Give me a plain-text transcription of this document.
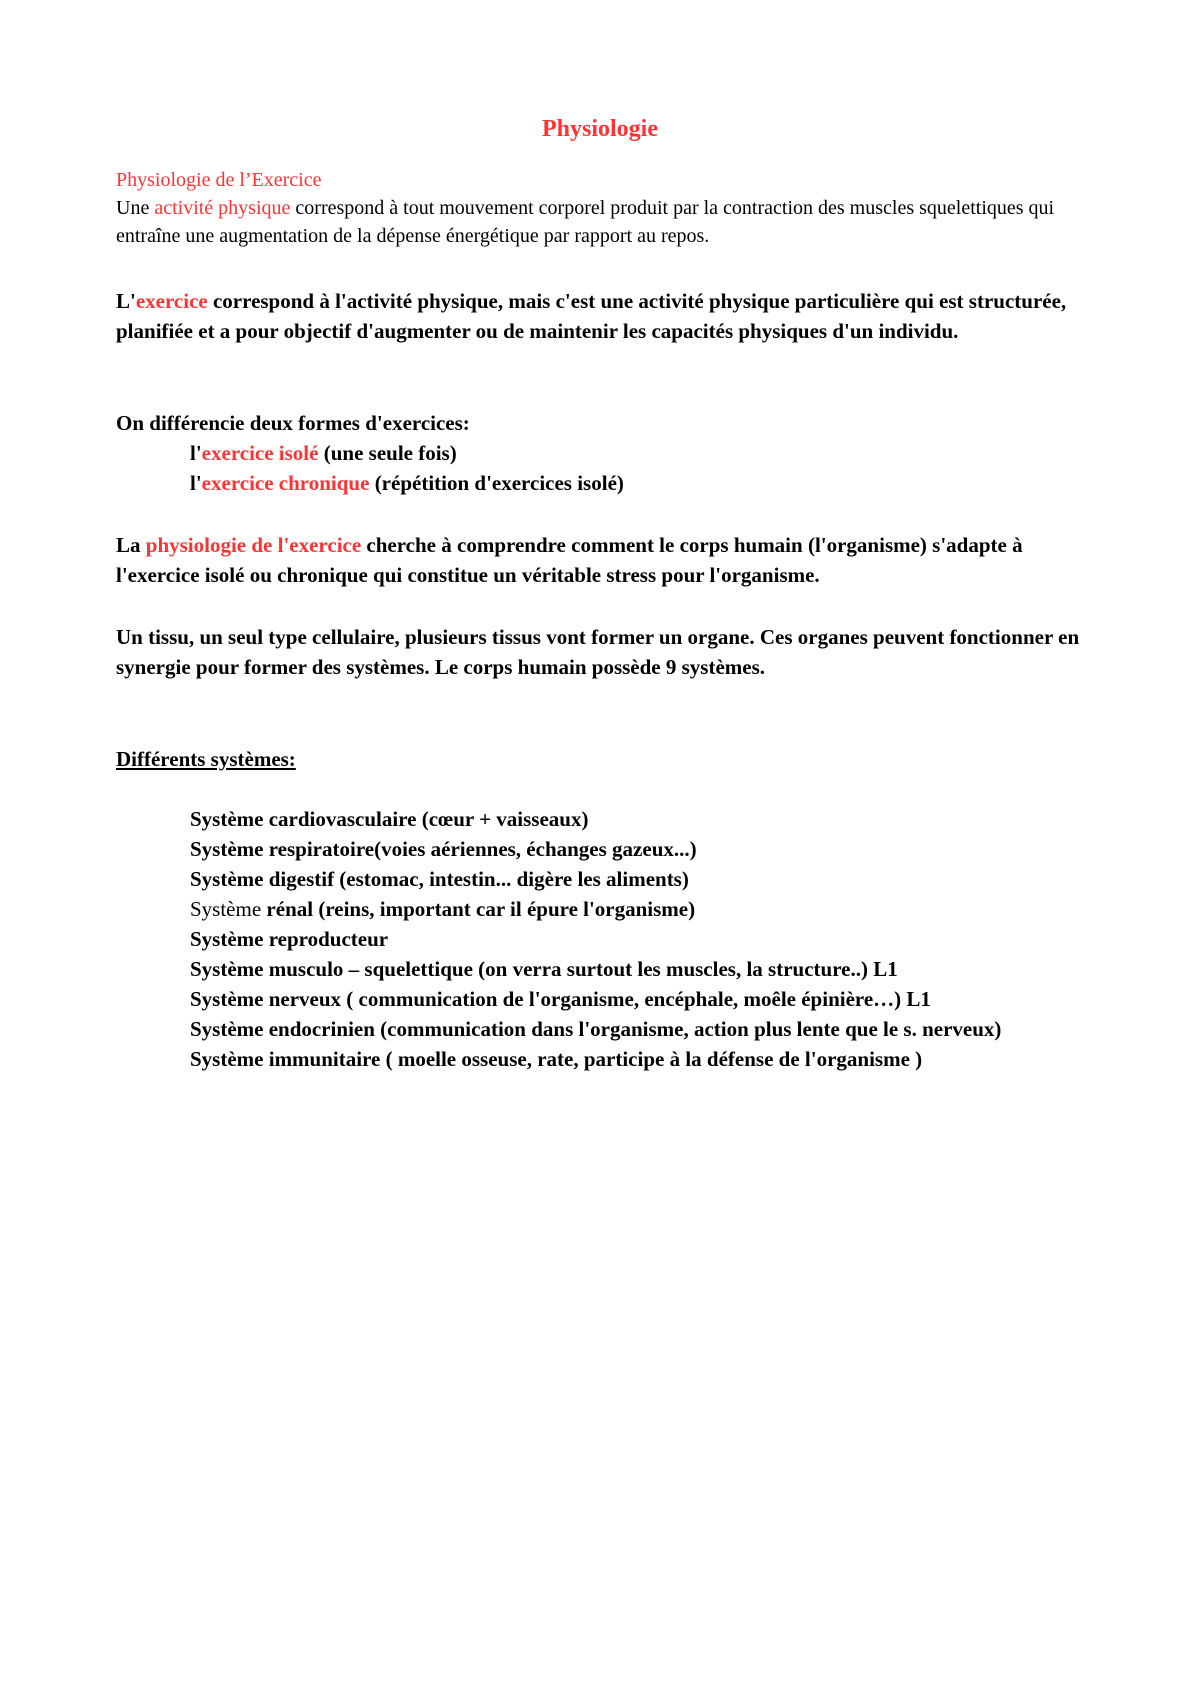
Physiologie

Physiologie de l’Exercice

Une activité physique correspond à tout mouvement corporel produit par la contraction des muscles squelettiques qui entraîne une augmentation de la dépense énergétique par rapport au repos.

L'exercice correspond à l'activité physique, mais c'est une activité physique particulière qui est structurée, planifiée et a pour objectif d'augmenter ou de maintenir les capacités physiques d'un individu.

On différencie deux formes d'exercices:

l'exercice isolé (une seule fois)

l'exercice chronique (répétition d'exercices isolé)

La physiologie de l'exercice cherche à comprendre comment le corps humain (l'organisme) s'adapte à l'exercice isolé ou chronique qui constitue un véritable stress pour l'organisme.

Un tissu, un seul type cellulaire, plusieurs tissus vont former un organe. Ces organes peuvent fonctionner en synergie pour former des systèmes. Le corps humain possède 9 systèmes.

Différents systèmes:

Système cardiovasculaire (cœur + vaisseaux)

Système respiratoire(voies aériennes, échanges gazeux...)

Système digestif (estomac, intestin... digère les aliments)

Système rénal (reins, important car il épure l'organisme)

Système reproducteur

Système musculo – squelettique (on verra surtout les muscles, la structure..) L1

Système nerveux ( communication de l'organisme, encéphale, moêle épinière…) L1

Système endocrinien (communication dans l'organisme, action plus lente que le s. nerveux)

Système immunitaire ( moelle osseuse, rate, participe à la défense de l'organisme )
